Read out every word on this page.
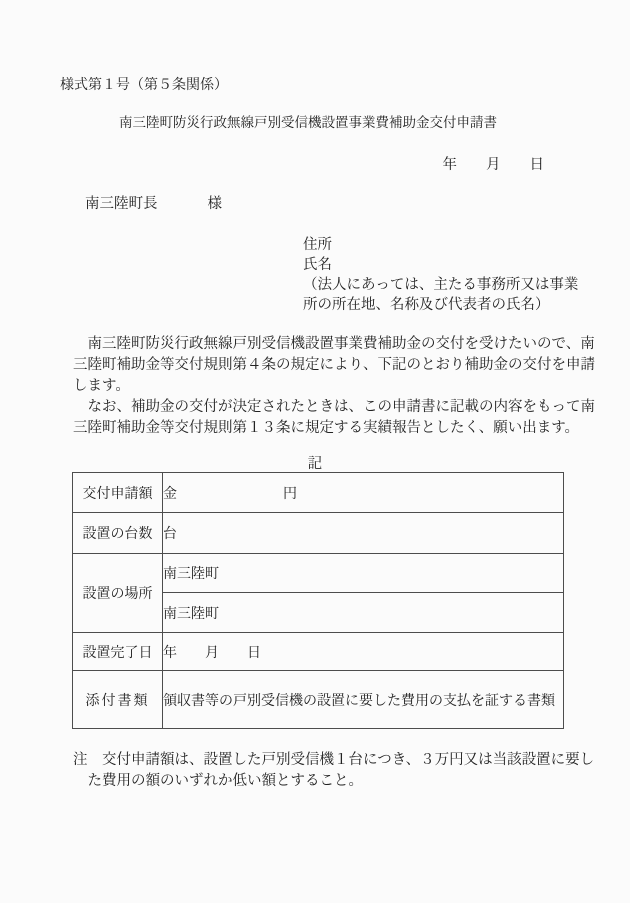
様式第１号（第５条関係）
南三陸町防災行政無線戸別受信機設置事業費補助金交付申請書
年　　月　　日
南三陸町長	様
住所
氏名
（法人にあっては、主たる事務所又は事業
所の所在地、名称及び代表者の氏名）
　南三陸町防災行政無線戸別受信機設置事業費補助金の交付を受けたいので、南
三陸町補助金等交付規則第４条の規定により、下記のとおり補助金の交付を申請
します。
　なお、補助金の交付が決定されたときは、この申請書に記載の内容をもって南
三陸町補助金等交付規則第１３条に規定する実績報告としたく、願い出ます。
記
交付申請額	金 円
設置の台数	台
設置の場所	南三陸町
	南三陸町
設置完了日	年　　月　　日
添付書類	領収書等の戸別受信機の設置に要した費用の支払を証する書類
注　交付申請額は、設置した戸別受信機１台につき、３万円又は当該設置に要し
　た費用の額のいずれか低い額とすること。
